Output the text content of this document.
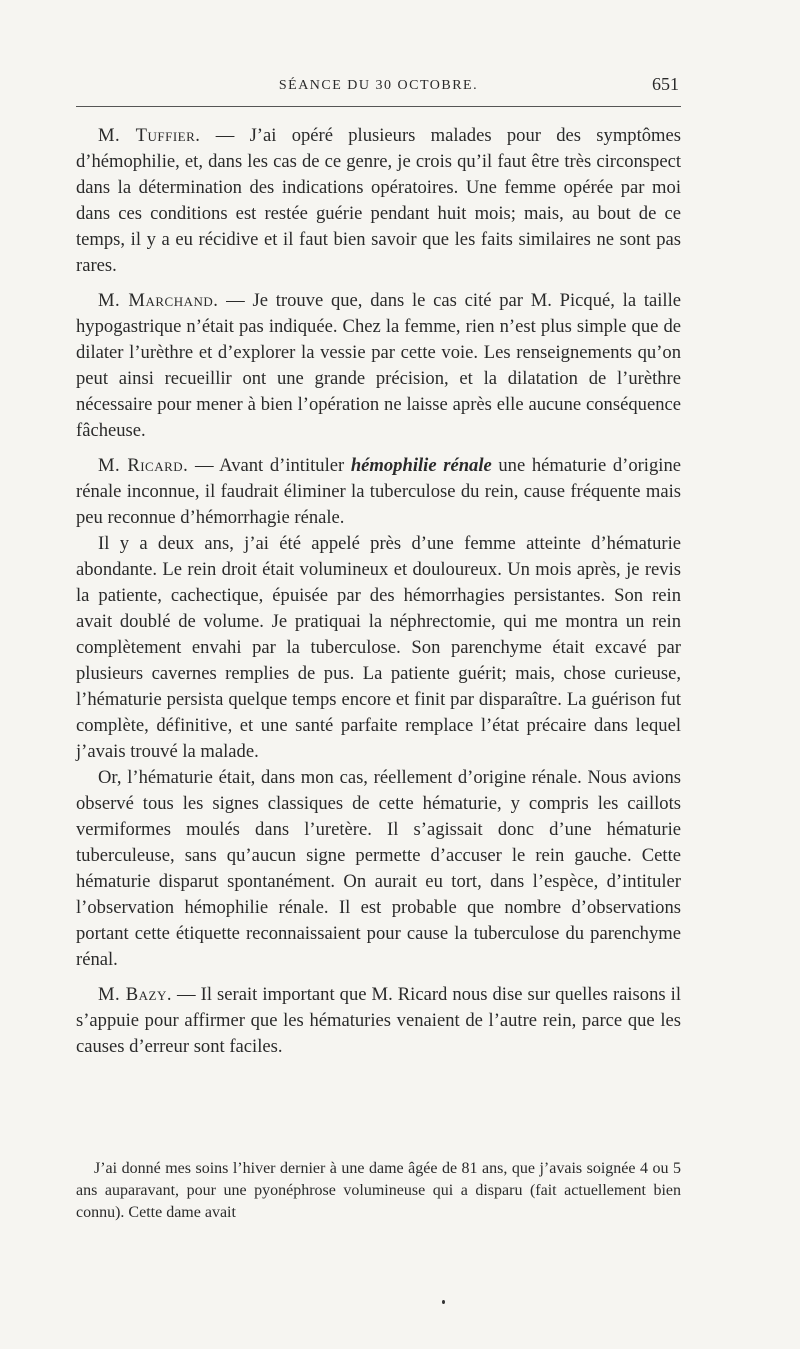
SÉANCE DU 30 OCTOBRE.	651

M. Tuffier. — J’ai opéré plusieurs malades pour des symptômes d’hémophilie, et, dans les cas de ce genre, je crois qu’il faut être très circonspect dans la détermination des indications opératoires. Une femme opérée par moi dans ces conditions est restée guérie pendant huit mois; mais, au bout de ce temps, il y a eu récidive et il faut bien savoir que les faits similaires ne sont pas rares.

M. Marchand. — Je trouve que, dans le cas cité par M. Picqué, la taille hypogastrique n’était pas indiquée. Chez la femme, rien n’est plus simple que de dilater l’urèthre et d’explorer la vessie par cette voie. Les renseignements qu’on peut ainsi recueillir ont une grande précision, et la dilatation de l’urèthre nécessaire pour mener à bien l’opération ne laisse après elle aucune conséquence fâcheuse.

M. Ricard. — Avant d’intituler hémophilie rénale une hématurie d’origine rénale inconnue, il faudrait éliminer la tuberculose du rein, cause fréquente mais peu reconnue d’hémorrhagie rénale.

Il y a deux ans, j’ai été appelé près d’une femme atteinte d’hématurie abondante. Le rein droit était volumineux et douloureux. Un mois après, je revis la patiente, cachectique, épuisée par des hémorrhagies persistantes. Son rein avait doublé de volume. Je pratiquai la néphrectomie, qui me montra un rein complètement envahi par la tuberculose. Son parenchyme était excavé par plusieurs cavernes remplies de pus. La patiente guérit; mais, chose curieuse, l’hématurie persista quelque temps encore et finit par disparaître. La guérison fut complète, définitive, et une santé parfaite remplace l’état précaire dans lequel j’avais trouvé la malade.

Or, l’hématurie était, dans mon cas, réellement d’origine rénale. Nous avions observé tous les signes classiques de cette hématurie, y compris les caillots vermiformes moulés dans l’uretère. Il s’agissait donc d’une hématurie tuberculeuse, sans qu’aucun signe permette d’accuser le rein gauche. Cette hématurie disparut spontanément. On aurait eu tort, dans l’espèce, d’intituler l’observation hémophilie rénale. Il est probable que nombre d’observations portant cette étiquette reconnaissaient pour cause la tuberculose du parenchyme rénal.

M. Bazy. — Il serait important que M. Ricard nous dise sur quelles raisons il s’appuie pour affirmer que les hématuries venaient de l’autre rein, parce que les causes d’erreur sont faciles.

J’ai donné mes soins l’hiver dernier à une dame âgée de 81 ans, que j’avais soignée 4 ou 5 ans auparavant, pour une pyonéphrose volumineuse qui a disparu (fait actuellement bien connu). Cette dame avait
